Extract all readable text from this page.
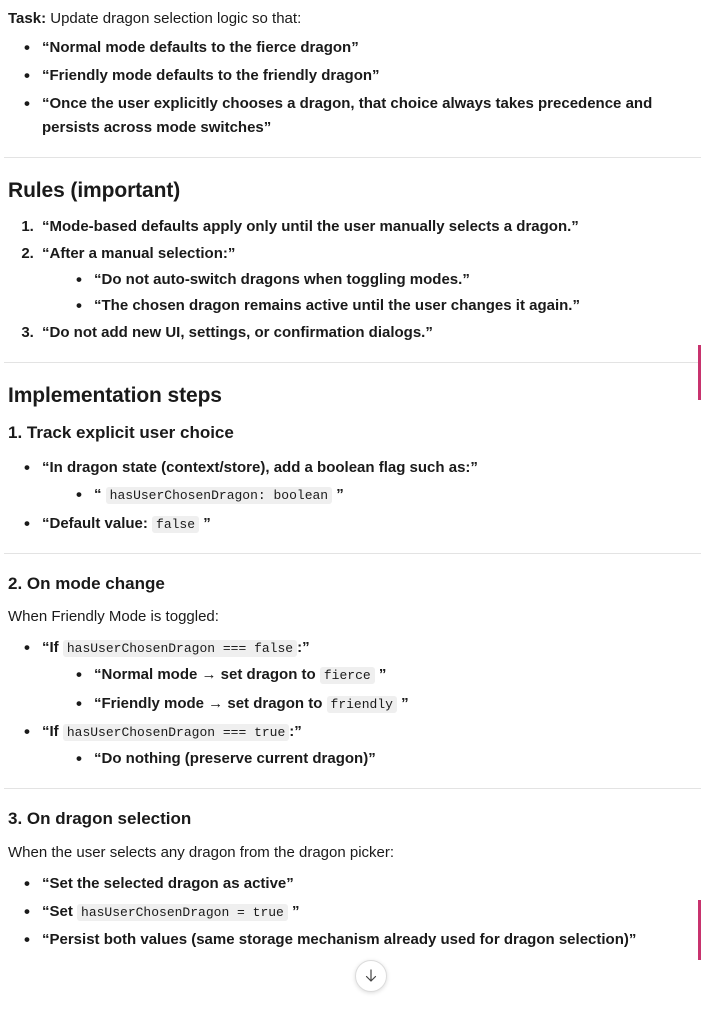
Task: Update dragon selection logic so that:
• “Normal mode defaults to the fierce dragon”
• “Friendly mode defaults to the friendly dragon”
• “Once the user explicitly chooses a dragon, that choice always takes precedence and persists across mode switches”
Rules (important)
1. “Mode-based defaults apply only until the user manually selects a dragon.”
2. “After a manual selection:”
• “Do not auto-switch dragons when toggling modes.”
• “The chosen dragon remains active until the user changes it again.”
3. “Do not add new UI, settings, or confirmation dialogs.”
Implementation steps
1. Track explicit user choice
• “In dragon state (context/store), add a boolean flag such as:”
• “ hasUserChosenDragon: boolean ”
• “Default value: false ”
2. On mode change

When Friendly Mode is toggled:

• “If hasUserChosenDragon === false :”
• “Normal mode → set dragon to fierce ”
• “Friendly mode → set dragon to friendly ”
• “If hasUserChosenDragon === true :”
• “Do nothing (preserve current dragon)”
3. On dragon selection

When the user selects any dragon from the dragon picker:

• “Set the selected dragon as active”
• “Set hasUserChosenDragon = true ”
• “Persist both values (same storage mechanism already used for dragon selection)”
